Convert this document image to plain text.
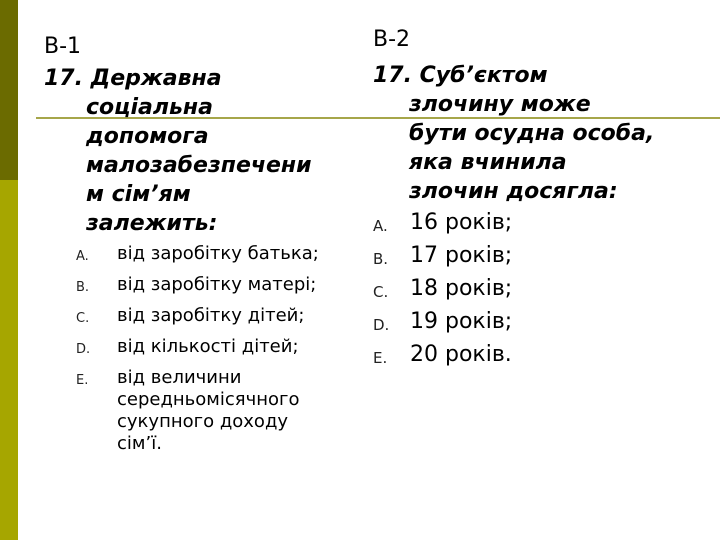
В-1
17. Державна
соціальна
допомога
малозабезпечени
м сім’ям
залежить:
A. від заробітку батька;
B. від заробітку матері;
C. від заробітку дітей;
D. від кількості дітей;
E. від величини
середньомісячного
сукупного доходу
сім’ї.
В-2
17. Суб’єктом
злочину може
бути осудна особа,
яка вчинила
злочин досягла:
A. 16 років;
B. 17 років;
C. 18 років;
D. 19 років;
E. 20 років.
